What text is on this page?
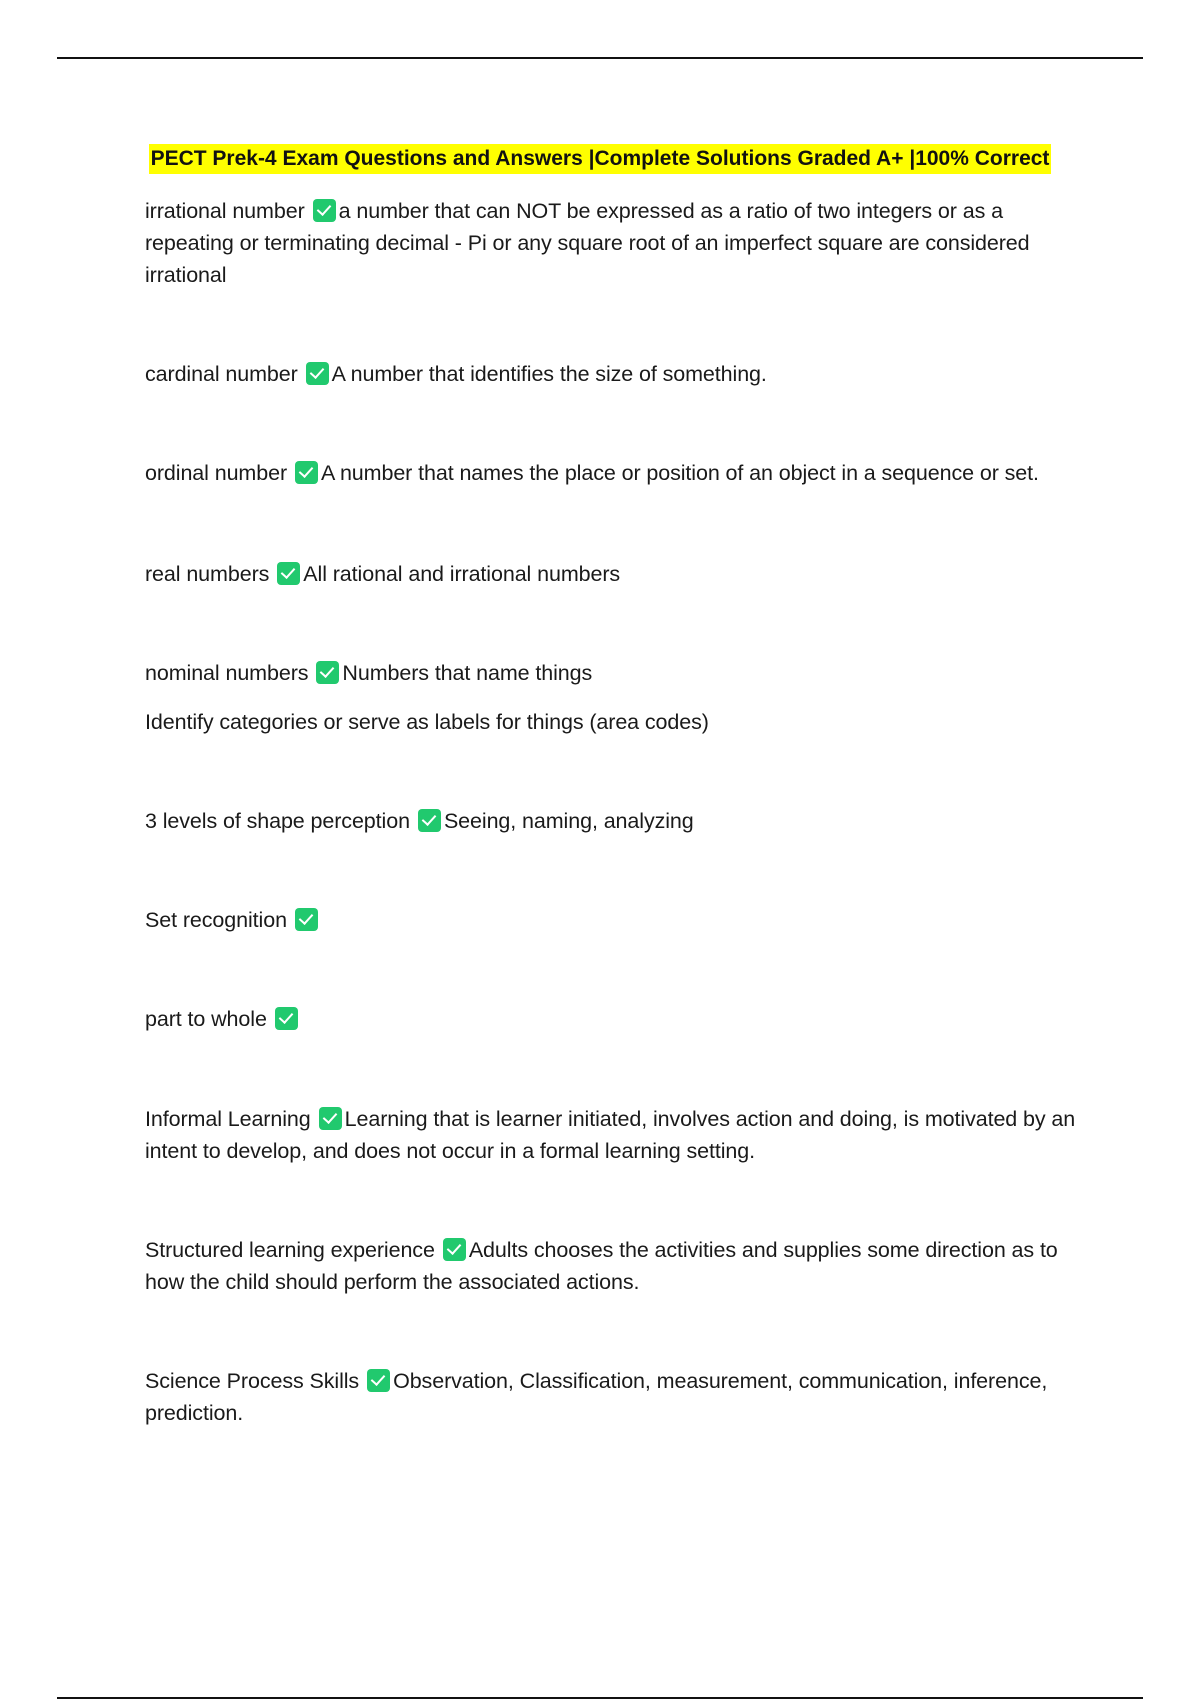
PECT Prek-4 Exam Questions and Answers |Complete Solutions Graded A+ |100% Correct
irrational number a number that can NOT be expressed as a ratio of two integers or as a repeating or terminating decimal - Pi or any square root of an imperfect square are considered irrational
cardinal number A number that identifies the size of something.
ordinal number A number that names the place or position of an object in a sequence or set.
real numbers All rational and irrational numbers
nominal numbers Numbers that name things
Identify categories or serve as labels for things (area codes)
3 levels of shape perception Seeing, naming, analyzing
Set recognition
part to whole
Informal Learning Learning that is learner initiated, involves action and doing, is motivated by an intent to develop, and does not occur in a formal learning setting.
Structured learning experience Adults chooses the activities and supplies some direction as to how the child should perform the associated actions.
Science Process Skills Observation, Classification, measurement, communication, inference, prediction.
